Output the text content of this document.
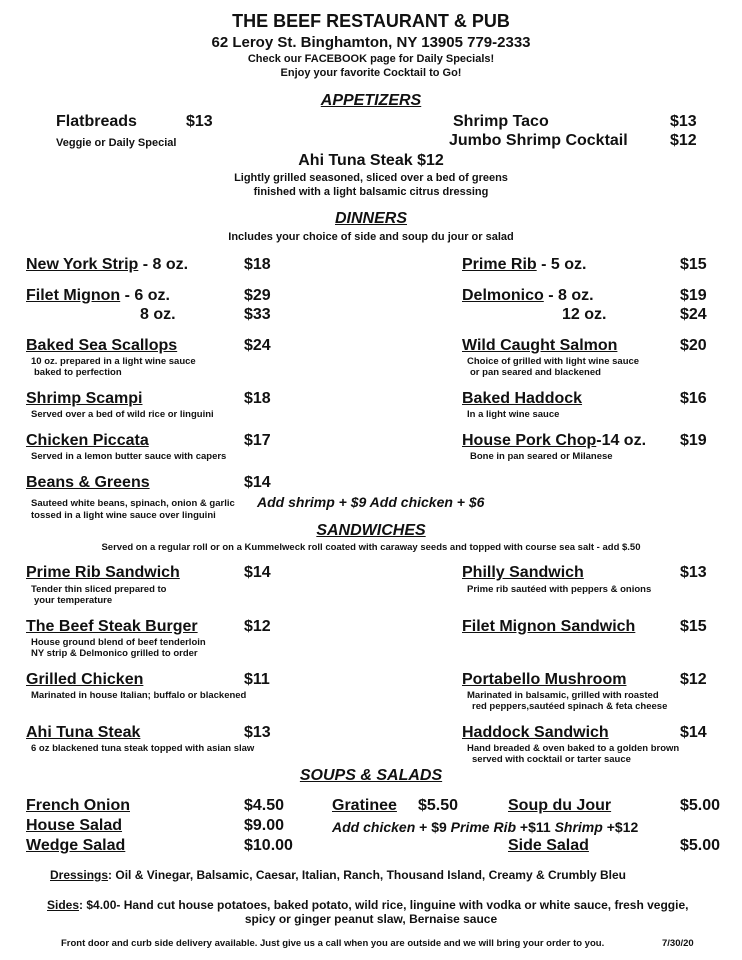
THE BEEF RESTAURANT & PUB
62 Leroy St. Binghamton, NY 13905 779-2333
Check our FACEBOOK page for Daily Specials!
Enjoy your favorite Cocktail to Go!
APPETIZERS
Flatbreads	$13
Veggie or Daily Special
Shrimp Taco	$13
Jumbo Shrimp Cocktail	$12
Ahi Tuna Steak $12
Lightly grilled seasoned, sliced over a bed of greens
finished with a light balsamic citrus dressing
DINNERS
Includes your choice of side and soup du jour or salad
New York Strip - 8 oz.	$18	Prime Rib - 5 oz.	$15
Filet Mignon - 6 oz.	$29
8 oz.	$33
Delmonico - 8 oz.	$19
12 oz.	$24
Baked Sea Scallops	$24
10 oz. prepared in a light wine sauce
baked to perfection
Wild Caught Salmon	$20
Choice of grilled with light wine sauce
or pan seared and blackened
Shrimp Scampi	$18
Served over a bed of wild rice or linguini
Baked Haddock	$16
In a light wine sauce
Chicken Piccata	$17
Served in a lemon butter sauce with capers
House Pork Chop-14 oz. $19
Bone in pan seared or Milanese
Beans & Greens	$14
Sauteed white beans, spinach, onion & garlic
tossed in a light wine sauce over linguini
Add shrimp + $9 Add chicken + $6
SANDWICHES
Served on a regular roll or on a Kummelweck roll coated with caraway seeds and topped with course sea salt - add $.50
Prime Rib Sandwich	$14
Tender thin sliced prepared to
your temperature
Philly Sandwich	$13
Prime rib sautéed with peppers & onions
The Beef Steak Burger	$12
House ground blend of beef tenderloin
NY strip & Delmonico grilled to order
Filet Mignon Sandwich	$15
Grilled Chicken	$11
Marinated in house Italian; buffalo or blackened
Portabello Mushroom	$12
Marinated in balsamic, grilled with roasted
red peppers,sautéed spinach & feta cheese
Ahi Tuna Steak	$13
6 oz blackened tuna steak topped with asian slaw
Haddock Sandwich	$14
Hand breaded & oven baked to a golden brown
served with cocktail or tarter sauce
SOUPS & SALADS
French Onion	$4.50	Gratinee $5.50	Soup du Jour	$5.00
House Salad	$9.00	Add chicken + $9 Prime Rib +$11 Shrimp +$12
Wedge Salad	$10.00	Side Salad	$5.00
Dressings: Oil & Vinegar, Balsamic, Caesar, Italian, Ranch, Thousand Island, Creamy & Crumbly Bleu
Sides: $4.00- Hand cut house potatoes, baked potato, wild rice, linguine with vodka or white sauce, fresh veggie,
spicy or ginger peanut slaw, Bernaise sauce
Front door and curb side delivery available. Just give us a call when you are outside and we will bring your order to you.	7/30/20
